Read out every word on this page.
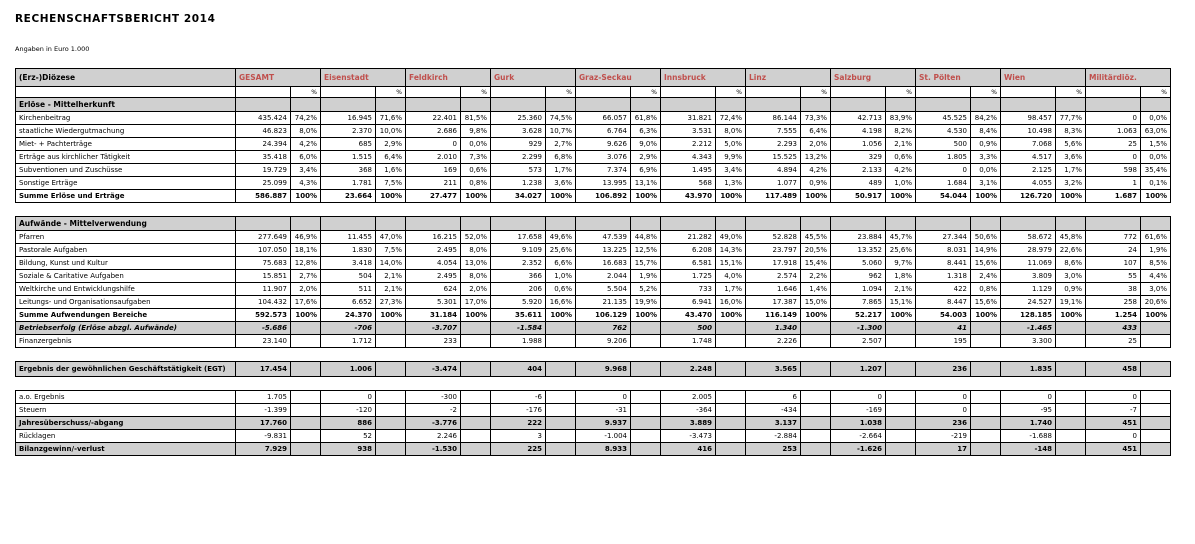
RECHENSCHAFTSBERICHT 2014
Angaben in Euro 1.000
(Erz-)Diözese	GESAMT		Eisenstadt		Feldkirch		Gurk		Graz-Seckau		Innsbruck		Linz		Salzburg		St. Pölten		Wien		Militärdiöz.	
		%		%		%		%		%		%		%		%		%		%		%
Erlöse - Mittelherkunft																						
Kirchenbeitrag	435.424	74,2%	16.945	71,6%	22.401	81,5%	25.360	74,5%	66.057	61,8%	31.821	72,4%	86.144	73,3%	42.713	83,9%	45.525	84,2%	98.457	77,7%	0	0,0%
staatliche Wiedergutmachung	46.823	8,0%	2.370	10,0%	2.686	9,8%	3.628	10,7%	6.764	6,3%	3.531	8,0%	7.555	6,4%	4.198	8,2%	4.530	8,4%	10.498	8,3%	1.063	63,0%
Miet- + Pachterträge	24.394	4,2%	685	2,9%	0	0,0%	929	2,7%	9.626	9,0%	2.212	5,0%	2.293	2,0%	1.056	2,1%	500	0,9%	7.068	5,6%	25	1,5%
Erträge aus kirchlicher Tätigkeit	35.418	6,0%	1.515	6,4%	2.010	7,3%	2.299	6,8%	3.076	2,9%	4.343	9,9%	15.525	13,2%	329	0,6%	1.805	3,3%	4.517	3,6%	0	0,0%
Subventionen und Zuschüsse	19.729	3,4%	368	1,6%	169	0,6%	573	1,7%	7.374	6,9%	1.495	3,4%	4.894	4,2%	2.133	4,2%	0	0,0%	2.125	1,7%	598	35,4%
Sonstige Erträge	25.099	4,3%	1.781	7,5%	211	0,8%	1.238	3,6%	13.995	13,1%	568	1,3%	1.077	0,9%	489	1,0%	1.684	3,1%	4.055	3,2%	1	0,1%
Summe Erlöse und Erträge	586.887	100%	23.664	100%	27.477	100%	34.027	100%	106.892	100%	43.970	100%	117.489	100%	50.917	100%	54.044	100%	126.720	100%	1.687	100%

Aufwände - Mittelverwendung																						
Pfarren	277.649	46,9%	11.455	47,0%	16.215	52,0%	17.658	49,6%	47.539	44,8%	21.282	49,0%	52.828	45,5%	23.884	45,7%	27.344	50,6%	58.672	45,8%	772	61,6%
Pastorale Aufgaben	107.050	18,1%	1.830	7,5%	2.495	8,0%	9.109	25,6%	13.225	12,5%	6.208	14,3%	23.797	20,5%	13.352	25,6%	8.031	14,9%	28.979	22,6%	24	1,9%
Bildung, Kunst und Kultur	75.683	12,8%	3.418	14,0%	4.054	13,0%	2.352	6,6%	16.683	15,7%	6.581	15,1%	17.918	15,4%	5.060	9,7%	8.441	15,6%	11.069	8,6%	107	8,5%
Soziale & Caritative Aufgaben	15.851	2,7%	504	2,1%	2.495	8,0%	366	1,0%	2.044	1,9%	1.725	4,0%	2.574	2,2%	962	1,8%	1.318	2,4%	3.809	3,0%	55	4,4%
Weltkirche und Entwicklungshilfe	11.907	2,0%	511	2,1%	624	2,0%	206	0,6%	5.504	5,2%	733	1,7%	1.646	1,4%	1.094	2,1%	422	0,8%	1.129	0,9%	38	3,0%
Leitungs- und Organisationsaufgaben	104.432	17,6%	6.652	27,3%	5.301	17,0%	5.920	16,6%	21.135	19,9%	6.941	16,0%	17.387	15,0%	7.865	15,1%	8.447	15,6%	24.527	19,1%	258	20,6%
Summe Aufwendungen Bereiche	592.573	100%	24.370	100%	31.184	100%	35.611	100%	106.129	100%	43.470	100%	116.149	100%	52.217	100%	54.003	100%	128.185	100%	1.254	100%
Betriebserfolg (Erlöse abzgl. Aufwände)	-5.686		-706		-3.707		-1.584		762		500		1.340		-1.300		41		-1.465		433	
Finanzergebnis	23.140		1.712		233		1.988		9.206		1.748		2.226		2.507		195		3.300		25	

Ergebnis der gewöhnlichen Geschäftstätigkeit (EGT)	17.454		1.006		-3.474		404		9.968		2.248		3.565		1.207		236		1.835		458	

a.o. Ergebnis	1.705		0		-300		-6		0		2.005		6		0		0		0		0	
Steuern	-1.399		-120		-2		-176		-31		-364		-434		-169		0		-95		-7	
Jahresüberschuss/-abgang	17.760		886		-3.776		222		9.937		3.889		3.137		1.038		236		1.740		451	
Rücklagen	-9.831		52		2.246		3		-1.004		-3.473		-2.884		-2.664		-219		-1.688		0	
Bilanzgewinn/-verlust	7.929		938		-1.530		225		8.933		416		253		-1.626		17		-148		451	
